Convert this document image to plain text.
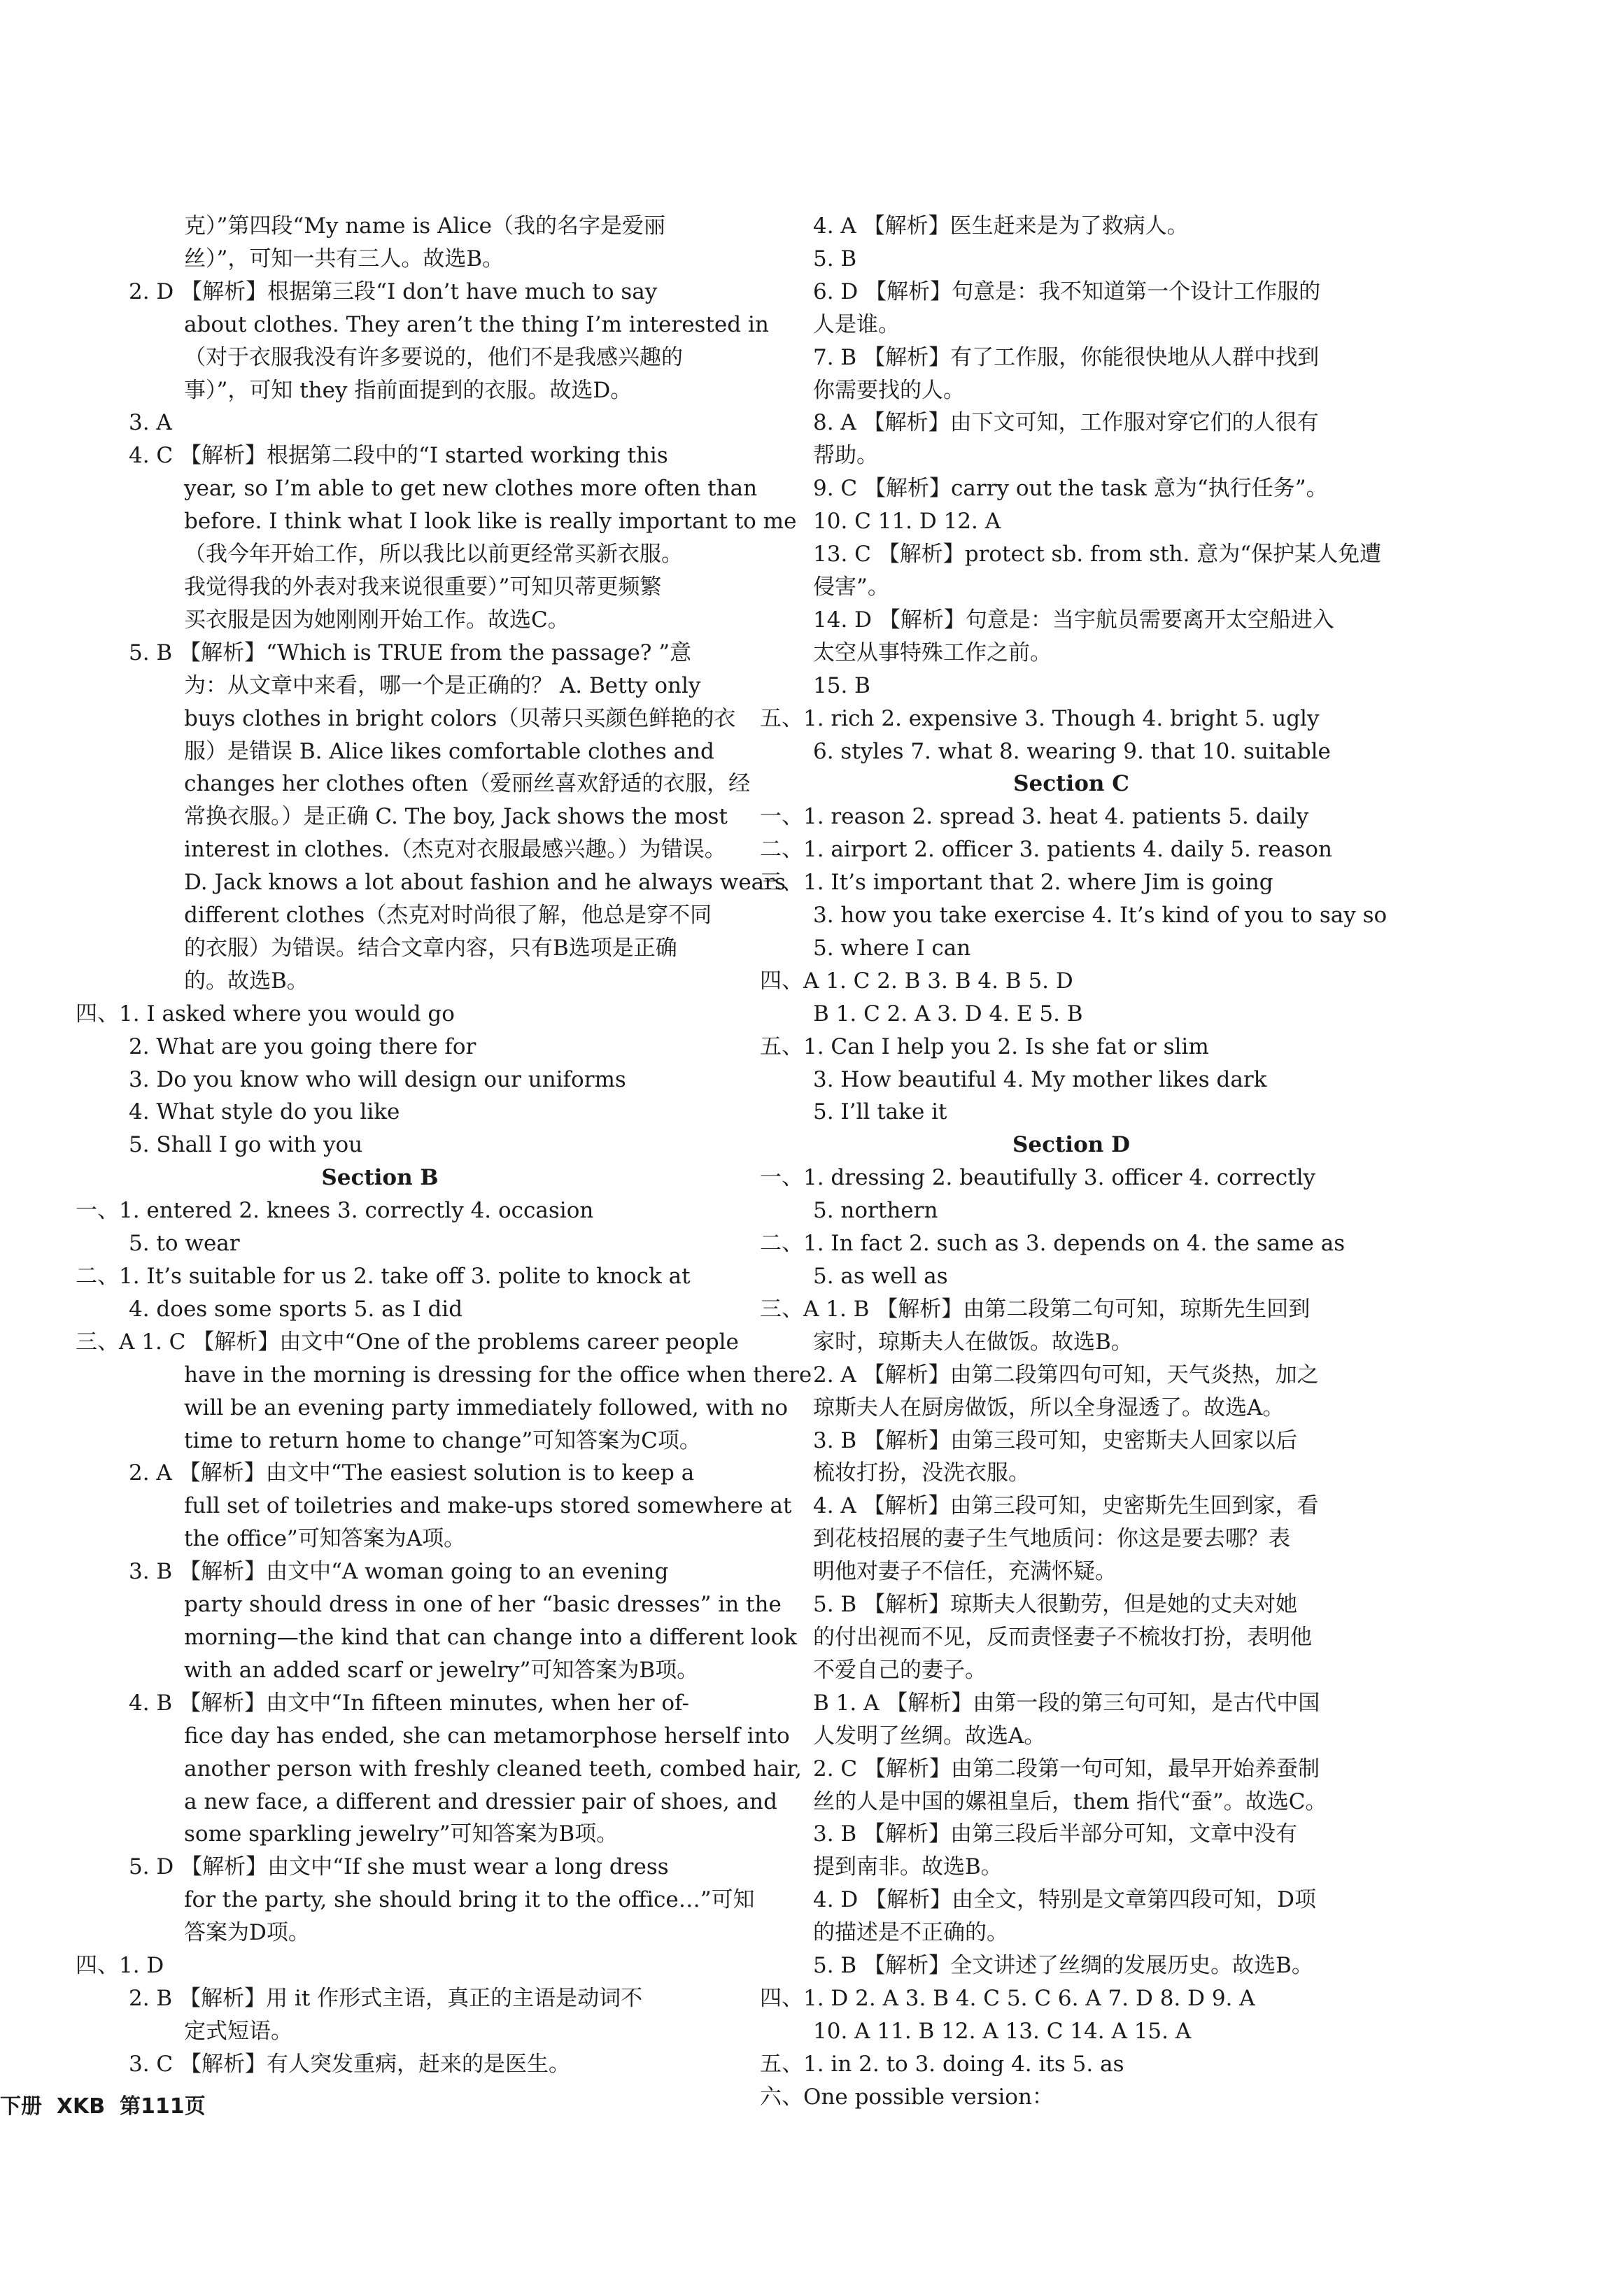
克）”第四段“My name is Alice（我的名字是爱丽
丝）”，可知一共有三人。故选B。
2. D 【解析】根据第三段“I don’t have much to say
about clothes. They aren’t the thing I’m interested in
（对于衣服我没有许多要说的，他们不是我感兴趣的
事）”，可知 they 指前面提到的衣服。故选D。
3. A
4. C 【解析】根据第二段中的“I started working this
year, so I’m able to get new clothes more often than
before. I think what I look like is really important to me
（我今年开始工作，所以我比以前更经常买新衣服。
我觉得我的外表对我来说很重要）”可知贝蒂更频繁
买衣服是因为她刚刚开始工作。故选C。
5. B 【解析】“Which is TRUE from the passage? ”意
为：从文章中来看，哪一个是正确的？ A. Betty only
buys clothes in bright colors（贝蒂只买颜色鲜艳的衣
服）是错误 B. Alice likes comfortable clothes and
changes her clothes often（爱丽丝喜欢舒适的衣服，经
常换衣服。）是正确 C. The boy, Jack shows the most
interest in clothes.（杰克对衣服最感兴趣。）为错误。
D. Jack knows a lot about fashion and he always wears
different clothes（杰克对时尚很了解，他总是穿不同
的衣服）为错误。结合文章内容，只有B选项是正确
的。故选B。
四、1. I asked where you would go
2. What are you going there for
3. Do you know who will design our uniforms
4. What style do you like
5. Shall I go with you
Section B
一、1. entered 2. knees 3. correctly 4. occasion
5. to wear
二、1. It’s suitable for us 2. take off 3. polite to knock at
4. does some sports 5. as I did
三、A 1. C 【解析】由文中“One of the problems career people
have in the morning is dressing for the office when there
will be an evening party immediately followed, with no
time to return home to change”可知答案为C项。
2. A 【解析】由文中“The easiest solution is to keep a
full set of toiletries and make-ups stored somewhere at
the office”可知答案为A项。
3. B 【解析】由文中“A woman going to an evening
party should dress in one of her “basic dresses” in the
morning—the kind that can change into a different look
with an added scarf or jewelry”可知答案为B项。
4. B 【解析】由文中“In fifteen minutes, when her of-
fice day has ended, she can metamorphose herself into
another person with freshly cleaned teeth, combed hair,
a new face, a different and dressier pair of shoes, and
some sparkling jewelry”可知答案为B项。
5. D 【解析】由文中“If she must wear a long dress
for the party, she should bring it to the office…”可知
答案为D项。
四、1. D
2. B 【解析】用 it 作形式主语，真正的主语是动词不
定式短语。
3. C 【解析】有人突发重病，赶来的是医生。
4. A 【解析】医生赶来是为了救病人。
5. B
6. D 【解析】句意是：我不知道第一个设计工作服的
人是谁。
7. B 【解析】有了工作服，你能很快地从人群中找到
你需要找的人。
8. A 【解析】由下文可知，工作服对穿它们的人很有
帮助。
9. C 【解析】carry out the task 意为“执行任务”。
10. C 11. D 12. A
13. C 【解析】protect sb. from sth. 意为“保护某人免遭
侵害”。
14. D 【解析】句意是：当宇航员需要离开太空船进入
太空从事特殊工作之前。
15. B
五、1. rich 2. expensive 3. Though 4. bright 5. ugly
6. styles 7. what 8. wearing 9. that 10. suitable
Section C
一、1. reason 2. spread 3. heat 4. patients 5. daily
二、1. airport 2. officer 3. patients 4. daily 5. reason
三、1. It’s important that 2. where Jim is going
3. how you take exercise 4. It’s kind of you to say so
5. where I can
四、A 1. C 2. B 3. B 4. B 5. D
B 1. C 2. A 3. D 4. E 5. B
五、1. Can I help you 2. Is she fat or slim
3. How beautiful 4. My mother likes dark
5. I’ll take it
Section D
一、1. dressing 2. beautifully 3. officer 4. correctly
5. northern
二、1. In fact 2. such as 3. depends on 4. the same as
5. as well as
三、A 1. B 【解析】由第二段第二句可知，琼斯先生回到
家时，琼斯夫人在做饭。故选B。
2. A 【解析】由第二段第四句可知，天气炎热，加之
琼斯夫人在厨房做饭，所以全身湿透了。故选A。
3. B 【解析】由第三段可知，史密斯夫人回家以后
梳妆打扮，没洗衣服。
4. A 【解析】由第三段可知，史密斯先生回到家，看
到花枝招展的妻子生气地质问：你这是要去哪？表
明他对妻子不信任，充满怀疑。
5. B 【解析】琼斯夫人很勤劳，但是她的丈夫对她
的付出视而不见，反而责怪妻子不梳妆打扮，表明他
不爱自己的妻子。
B 1. A 【解析】由第一段的第三句可知，是古代中国
人发明了丝绸。故选A。
2. C 【解析】由第二段第一句可知，最早开始养蚕制
丝的人是中国的嫘祖皇后，them 指代“蚕”。故选C。
3. B 【解析】由第三段后半部分可知，文章中没有
提到南非。故选B。
4. D 【解析】由全文，特别是文章第四段可知，D项
的描述是不正确的。
5. B 【解析】全文讲述了丝绸的发展历史。故选B。
四、1. D 2. A 3. B 4. C 5. C 6. A 7. D 8. D 9. A
10. A 11. B 12. A 13. C 14. A 15. A
五、1. in 2. to 3. doing 4. its 5. as
六、One possible version：
下册  XKB  第111页
